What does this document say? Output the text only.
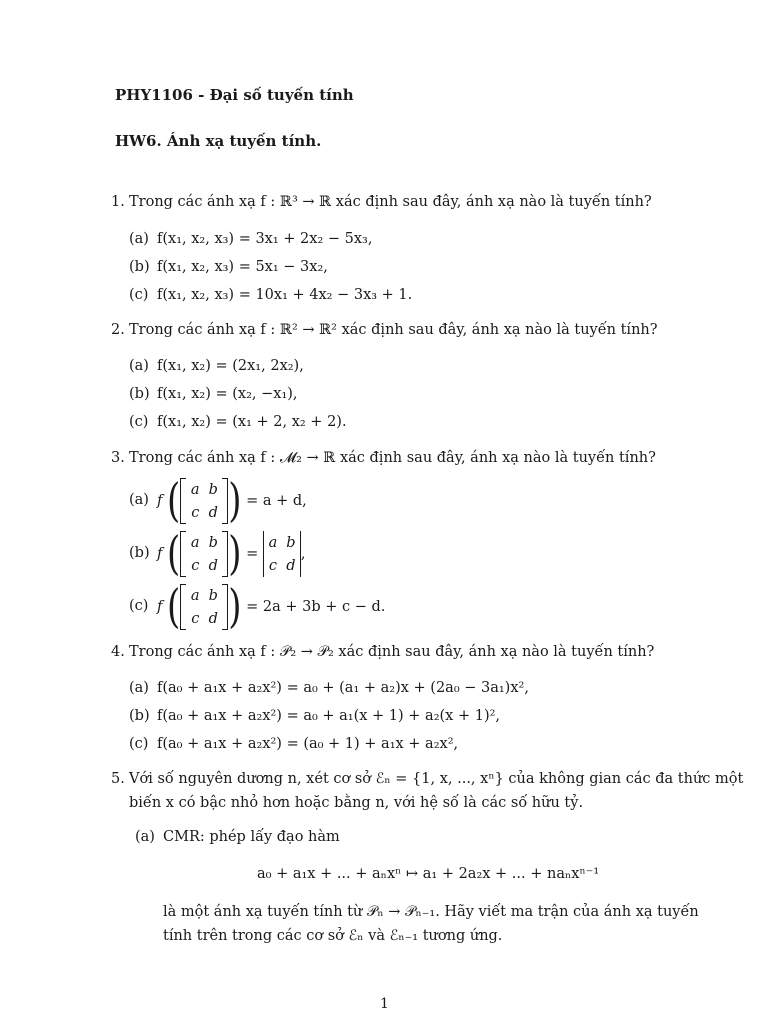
PHY1106 - Đại số tuyến tính
HW6. Ánh xạ tuyến tính.
1. Trong các ánh xạ f : ℝ³ → ℝ xác định sau đây, ánh xạ nào là tuyến tính?
(a) f(x₁, x₂, x₃) = 3x₁ + 2x₂ − 5x₃,
(b) f(x₁, x₂, x₃) = 5x₁ − 3x₂,
(c) f(x₁, x₂, x₃) = 10x₁ + 4x₂ − 3x₃ + 1.
2. Trong các ánh xạ f : ℝ² → ℝ² xác định sau đây, ánh xạ nào là tuyến tính?
(a) f(x₁, x₂) = (2x₁, 2x₂),
(b) f(x₁, x₂) = (x₂, −x₁),
(c) f(x₁, x₂) = (x₁ + 2, x₂ + 2).
3. Trong các ánh xạ f : 𝓜₂ → ℝ xác định sau đây, ánh xạ nào là tuyến tính?
(a) f
( a b
c d )
= a + d,
(b) f
( a b
c d )
=

a b
c d
,
(c) f
( a b
c d )
= 2a + 3b + c − d.
4. Trong các ánh xạ f : 𝒫₂ → 𝒫₂ xác định sau đây, ánh xạ nào là tuyến tính?
(a) f(a₀ + a₁x + a₂x²) = a₀ + (a₁ + a₂)x + (2a₀ − 3a₁)x²,
(b) f(a₀ + a₁x + a₂x²) = a₀ + a₁(x + 1) + a₂(x + 1)²,
(c) f(a₀ + a₁x + a₂x²) = (a₀ + 1) + a₁x + a₂x²,
5. Với số nguyên dương n, xét cơ sở ℰₙ = {1, x, ..., xⁿ} của không gian các đa thức một
biến x có bậc nhỏ hơn hoặc bằng n, với hệ số là các số hữu tỷ.
(a) CMR: phép lấy đạo hàm
a₀ + a₁x + ... + aₙxⁿ ↦ a₁ + 2a₂x + ... + naₙxⁿ⁻¹
là một ánh xạ tuyến tính từ 𝒫ₙ → 𝒫ₙ₋₁. Hãy viết ma trận của ánh xạ tuyến
tính trên trong các cơ sở ℰₙ và ℰₙ₋₁ tương ứng.
1
